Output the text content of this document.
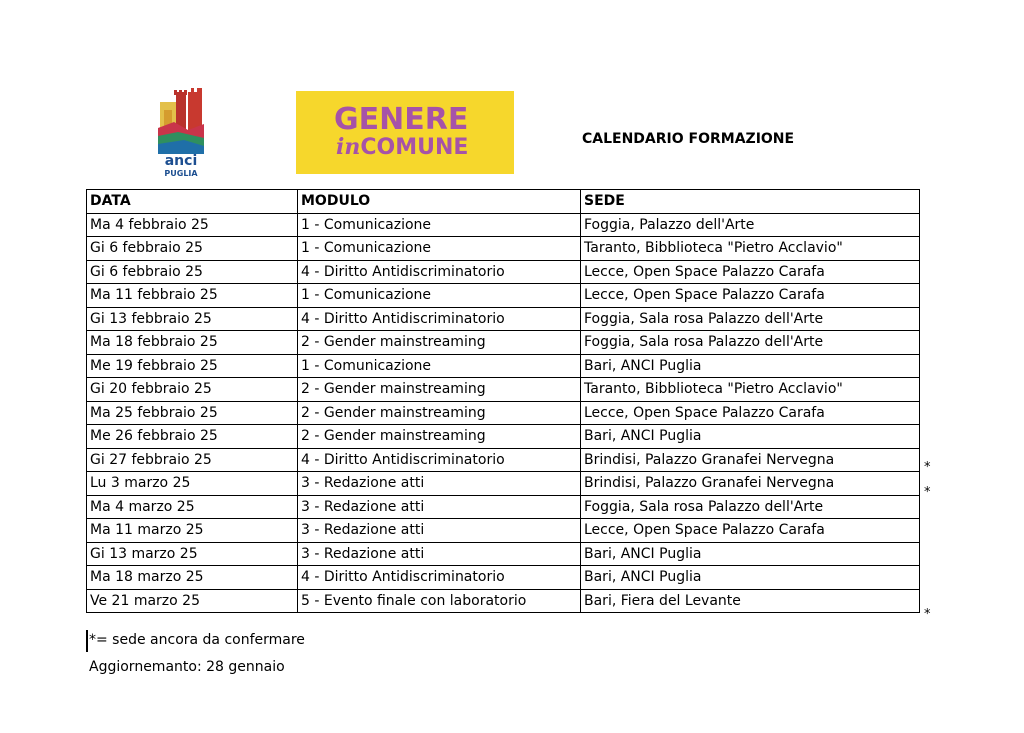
anci
PUGLIA
GENERE
inCOMUNE	CALENDARIO FORMAZIONE
DATA	MODULO	SEDE
Ma 4 febbraio 25	1 - Comunicazione	Foggia, Palazzo dell'Arte
Gi 6 febbraio 25	1 - Comunicazione	Taranto, Bibblioteca "Pietro Acclavio"
Gi 6 febbraio 25	4 - Diritto Antidiscriminatorio	Lecce, Open Space Palazzo Carafa
Ma 11 febbraio 25	1 - Comunicazione	Lecce, Open Space Palazzo Carafa
Gi 13 febbraio 25	4 - Diritto Antidiscriminatorio	Foggia, Sala rosa Palazzo dell'Arte
Ma 18 febbraio 25	2 - Gender mainstreaming	Foggia, Sala rosa Palazzo dell'Arte
Me 19 febbraio 25	1 - Comunicazione	Bari, ANCI Puglia
Gi 20 febbraio 25	2 - Gender mainstreaming	Taranto, Bibblioteca "Pietro Acclavio"
Ma 25 febbraio 25	2 - Gender mainstreaming	Lecce, Open Space Palazzo Carafa
Me 26 febbraio 25	2 - Gender mainstreaming	Bari, ANCI Puglia
Gi 27 febbraio 25	4 - Diritto Antidiscriminatorio	Brindisi, Palazzo Granafei Nervegna
Lu 3 marzo 25	3 - Redazione atti	Brindisi, Palazzo Granafei Nervegna
Ma 4 marzo 25	3 - Redazione atti	Foggia, Sala rosa Palazzo dell'Arte
Ma 11 marzo 25	3 - Redazione atti	Lecce, Open Space Palazzo Carafa
Gi 13 marzo 25	3 - Redazione atti	Bari, ANCI Puglia
Ma 18 marzo 25	4 - Diritto Antidiscriminatorio	Bari, ANCI Puglia
Ve 21 marzo 25	5 - Evento finale con laboratorio	Bari, Fiera del Levante
*
*
*
*= sede ancora da confermare
Aggiornemanto: 28 gennaio
